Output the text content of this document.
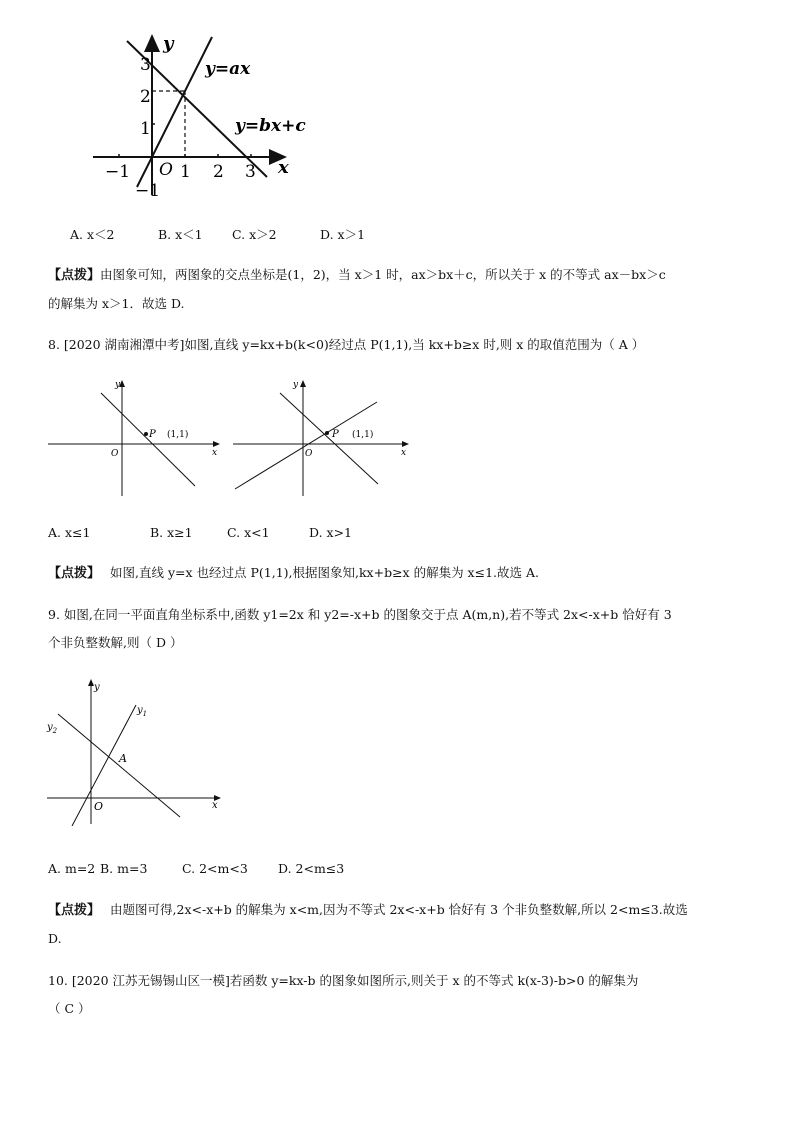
y
x
O
−1	1 2 3
3
2
1
−1
y=ax
y=bx+c
A. x＜2	B. x＜1 C. x＞2	D. x＞1
【点拨】由图象可知，两图象的交点坐标是(1，2)，当 x＞1 时，ax＞bx＋c，所以关于 x 的不等式 ax－bx＞c
的解集为 x＞1．故选 D.
8. [2020 湖南湘潭中考]如图,直线 y=kx+b(k<0)经过点 P(1,1),当 kx+b≥x 时,则 x 的取值范围为（ A ）
y
x
O
P (1,1)
y
x
O
P (1,1)
A. x≤1	B. x≥1	C. x<1	D. x>1
【点拨】 如图,直线 y=x 也经过点 P(1,1),根据图象知,kx+b≥x 的解集为 x≤1.故选 A.
9. 如图,在同一平面直角坐标系中,函数 y1=2x 和 y2=-x+b 的图象交于点 A(m,n),若不等式 2x<-x+b 恰好有 3
个非负整数解,则（ D ）
y
x
O
A
$y_1$
$y_2$
A. m=2 B. m=3	C. 2<m<3 D. 2<m≤3
【点拨】 由题图可得,2x<-x+b 的解集为 x<m,因为不等式 2x<-x+b 恰好有 3 个非负整数解,所以 2<m≤3.故选
D.
10. [2020 江苏无锡锡山区一模]若函数 y=kx-b 的图象如图所示,则关于 x 的不等式 k(x-3)-b>0 的解集为
（ C ）
